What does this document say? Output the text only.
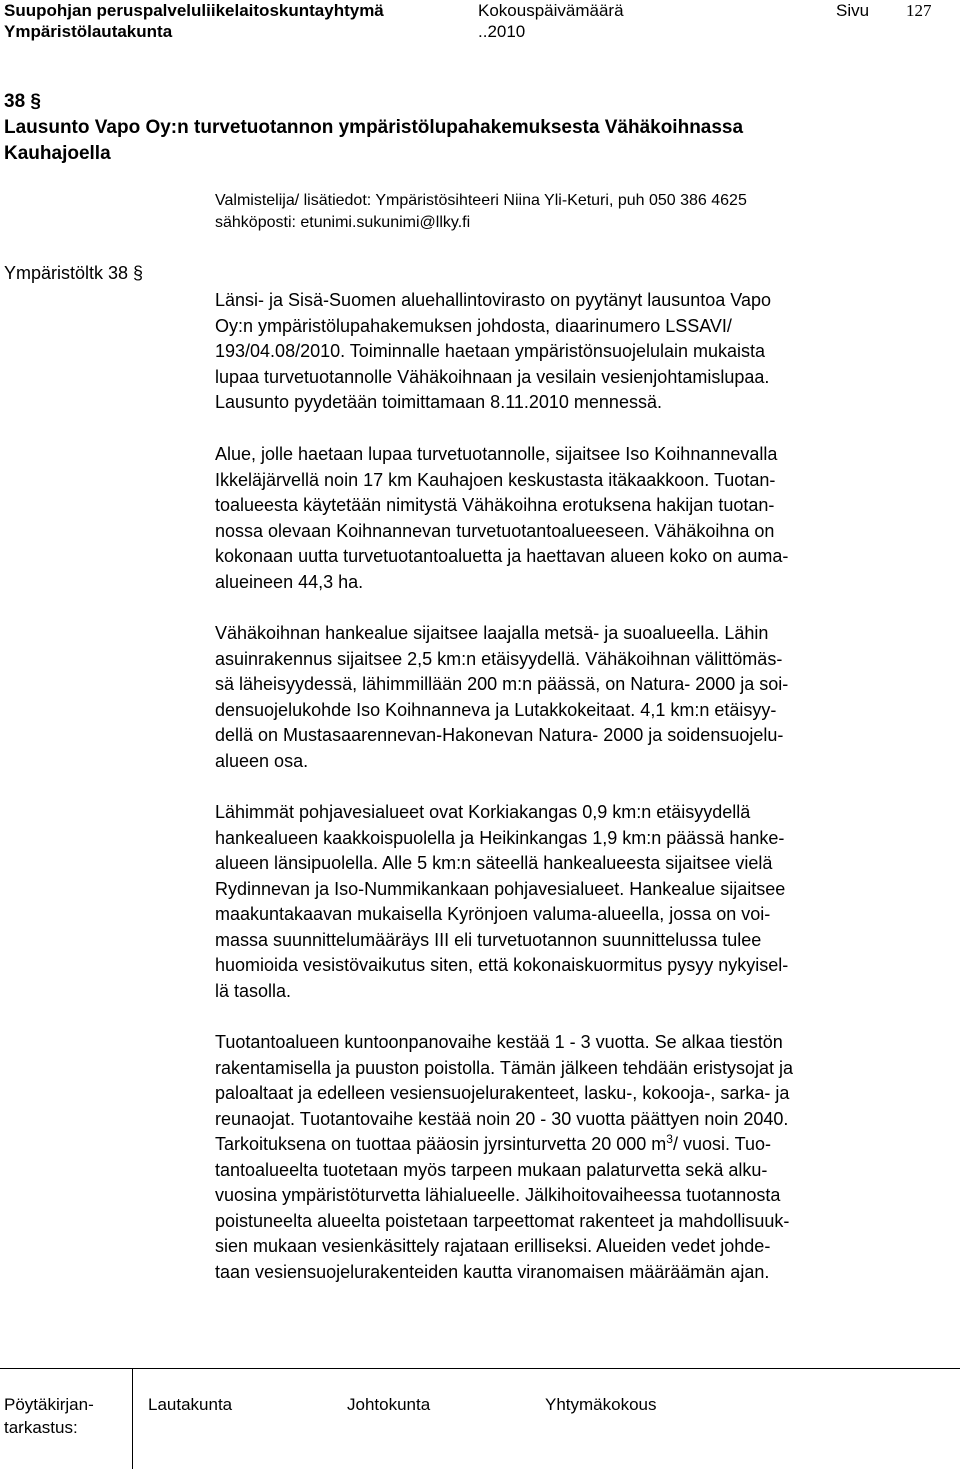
Suupohjan peruspalveluliikelaitoskuntayhtymä
Ympäristölautakunta
Kokouspäivämäärä
..2010
Sivu 127
38 §
Lausunto Vapo Oy:n turvetuotannon ympäristölupahakemuksesta Vähäkoihnassa
Kauhajoella
Valmistelija/ lisätiedot: Ympäristösihteeri Niina Yli-Keturi, puh 050 386 4625
sähköposti: etunimi.sukunimi@llky.fi
Ympäristöltk 38 §
Länsi- ja Sisä-Suomen aluehallintovirasto on pyytänyt lausuntoa Vapo
Oy:n ympäristölupahakemuksen johdosta, diaarinumero LSSAVI/
193/04.08/2010. Toiminnalle haetaan ympäristönsuojelulain mukaista
lupaa turvetuotannolle Vähäkoihnaan ja vesilain vesienjohtamislupaa.
Lausunto pyydetään toimittamaan 8.11.2010 mennessä.
Alue, jolle haetaan lupaa turvetuotannolle, sijaitsee Iso Koihnannevalla
Ikkeläjärvellä noin 17 km Kauhajoen keskustasta itäkaakkoon. Tuotan-
toalueesta käytetään nimitystä Vähäkoihna erotuksena hakijan tuotan-
nossa olevaan Koihnannevan turvetuotantoalueeseen. Vähäkoihna on
kokonaan uutta turvetuotantoaluetta ja haettavan alueen koko on auma-
alueineen 44,3 ha.
Vähäkoihnan hankealue sijaitsee laajalla metsä- ja suoalueella. Lähin
asuinrakennus sijaitsee 2,5 km:n etäisyydellä. Vähäkoihnan välittömäs-
sä läheisyydessä, lähimmillään 200 m:n päässä, on Natura- 2000 ja soi-
densuojelukohde Iso Koihnanneva ja Lutakkokeitaat. 4,1 km:n etäisyy-
dellä on Mustasaarennevan-Hakonevan Natura- 2000 ja soidensuojelu-
alueen osa.
Lähimmät pohjavesialueet ovat Korkiakangas 0,9 km:n etäisyydellä
hankealueen kaakkoispuolella ja Heikinkangas 1,9 km:n päässä hanke-
alueen länsipuolella. Alle 5 km:n säteellä hankealueesta sijaitsee vielä
Rydinnevan ja Iso-Nummikankaan pohjavesialueet. Hankealue sijaitsee
maakuntakaavan mukaisella Kyrönjoen valuma-alueella, jossa on voi-
massa suunnittelumääräys III eli turvetuotannon suunnittelussa tulee
huomioida vesistövaikutus siten, että kokonaiskuormitus pysyy nykyisel-
lä tasolla.
Tuotantoalueen kuntoonpanovaihe kestää 1 - 3 vuotta. Se alkaa tiestön
rakentamisella ja puuston poistolla. Tämän jälkeen tehdään eristysojat ja
paloaltaat ja edelleen vesiensuojelurakenteet, lasku-, kokooja-, sarka- ja
reunaojat. Tuotantovaihe kestää noin 20 - 30 vuotta päättyen noin 2040.
Tarkoituksena on tuottaa pääosin jyrsinturvetta 20 000 $m^3/$ vuosi. Tuo-
tantoalueelta tuotetaan myös tarpeen mukaan palaturvetta sekä alku-
vuosina ympäristöturvetta lähialueelle. Jälkihoitovaiheessa tuotannosta
poistuneelta alueelta poistetaan tarpeettomat rakenteet ja mahdollisuuk-
sien mukaan vesienkäsittely rajataan erilliseksi. Alueiden vedet johde-
taan vesiensuojelurakenteiden kautta viranomaisen määräämän ajan.
Pöytäkirjan-
tarkastus:
Lautakunta	Johtokunta	Yhtymäkokous
